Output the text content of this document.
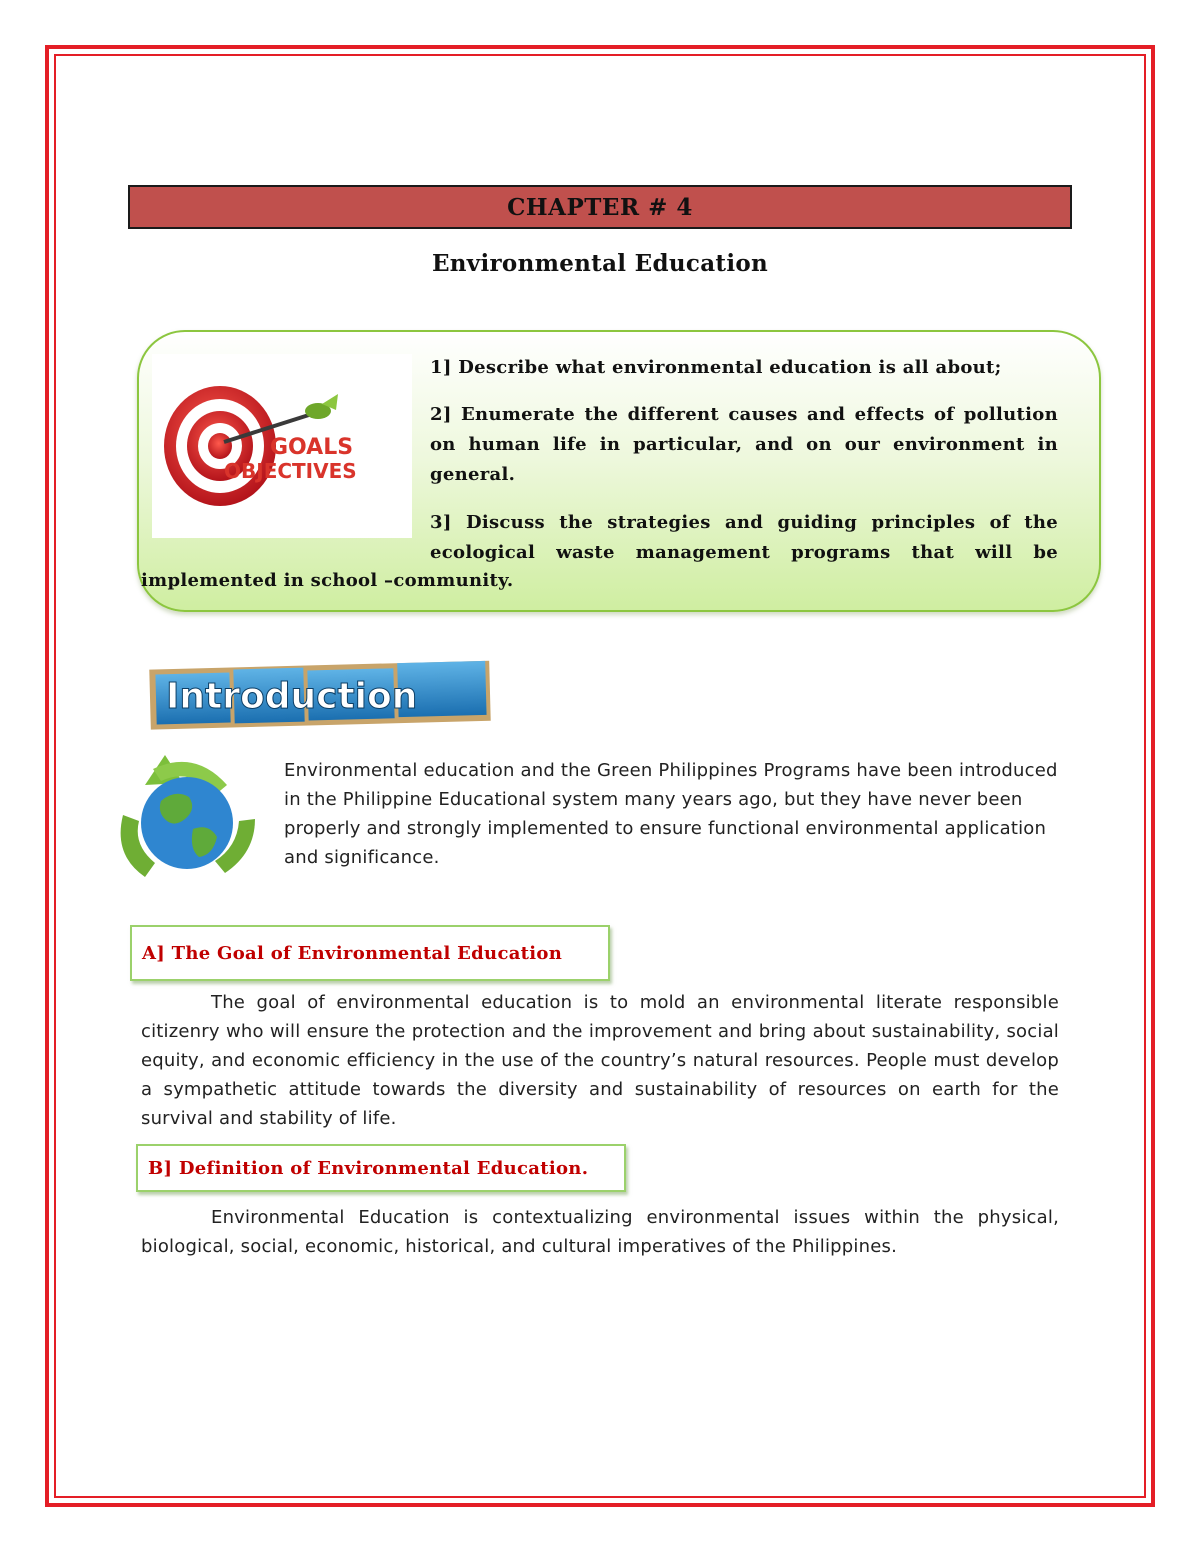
CHAPTER # 4
Environmental Education
GOALS
OBJECTIVES
1] Describe what environmental education is all about;
2] Enumerate the different causes and effects of pollution on human life in particular, and on our environment in general.
3] Discuss the strategies and guiding principles of the ecological waste management programs that will be
implemented in school –community.
Introduction
Environmental education and the Green Philippines Programs have been introduced in the Philippine Educational system many years ago, but they have never been properly and strongly implemented to ensure functional environmental application and significance.
A] The Goal of Environmental Education
The goal of environmental education is to mold an environmental literate responsible citizenry who will ensure the protection and the improvement and bring about sustainability, social equity, and economic efficiency in the use of the country’s natural resources. People must develop a sympathetic attitude towards the diversity and sustainability of resources on earth for the survival and stability of life.
B] Definition of Environmental Education.
Environmental Education is contextualizing environmental issues within the physical, biological, social, economic, historical, and cultural imperatives of the Philippines.
